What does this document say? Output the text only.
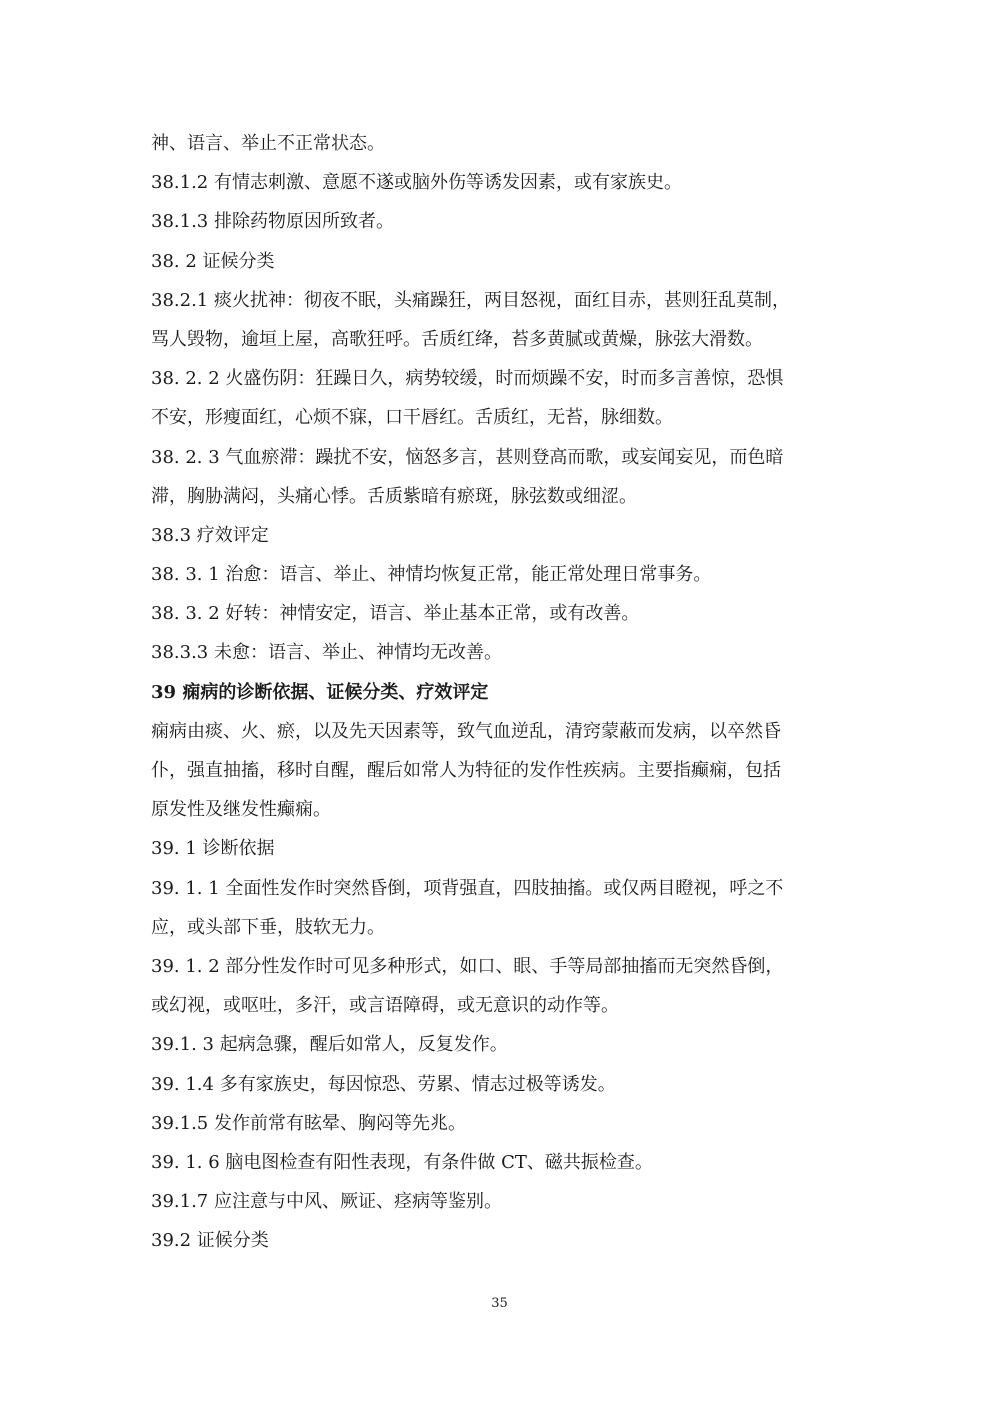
神、语言、举止不正常状态。
38.1.2 有情志刺激、意愿不遂或脑外伤等诱发因素，或有家族史。
38.1.3 排除药物原因所致者。
38. 2 证候分类
38.2.1 痰火扰神：彻夜不眠，头痛躁狂，两目怒视，面红目赤，甚则狂乱莫制，
骂人毁物，逾垣上屋，高歌狂呼。舌质红绛，苔多黄腻或黄燥，脉弦大滑数。
38. 2. 2 火盛伤阴：狂躁日久，病势较缓，时而烦躁不安，时而多言善惊，恐惧
不安，形瘦面红，心烦不寐，口干唇红。舌质红，无苔，脉细数。
38. 2. 3 气血瘀滞：躁扰不安，恼怒多言，甚则登高而歌，或妄闻妄见，而色暗
滞，胸胁满闷，头痛心悸。舌质紫暗有瘀斑，脉弦数或细涩。
38.3 疗效评定
38. 3. 1 治愈：语言、举止、神情均恢复正常，能正常处理日常事务。
38. 3. 2 好转：神情安定，语言、举止基本正常，或有改善。
38.3.3 未愈：语言、举止、神情均无改善。
39 痫病的诊断依据、证候分类、疗效评定
痫病由痰、火、瘀，以及先天因素等，致气血逆乱，清窍蒙蔽而发病，以卒然昏
仆，强直抽搐，移时自醒，醒后如常人为特征的发作性疾病。主要指癫痫，包括
原发性及继发性癫痫。
39. 1 诊断依据
39. 1. 1 全面性发作时突然昏倒，项背强直，四肢抽搐。或仅两目瞪视，呼之不
应，或头部下垂，肢软无力。
39. 1. 2 部分性发作时可见多种形式，如口、眼、手等局部抽搐而无突然昏倒，
或幻视，或呕吐，多汗，或言语障碍，或无意识的动作等。
39.1. 3 起病急骤，醒后如常人，反复发作。
39. 1.4 多有家族史，每因惊恐、劳累、情志过极等诱发。
39.1.5 发作前常有眩晕、胸闷等先兆。
39. 1. 6 脑电图检查有阳性表现，有条件做 CT、磁共振检查。
39.1.7 应注意与中风、厥证、痉病等鉴别。
39.2 证候分类
35
